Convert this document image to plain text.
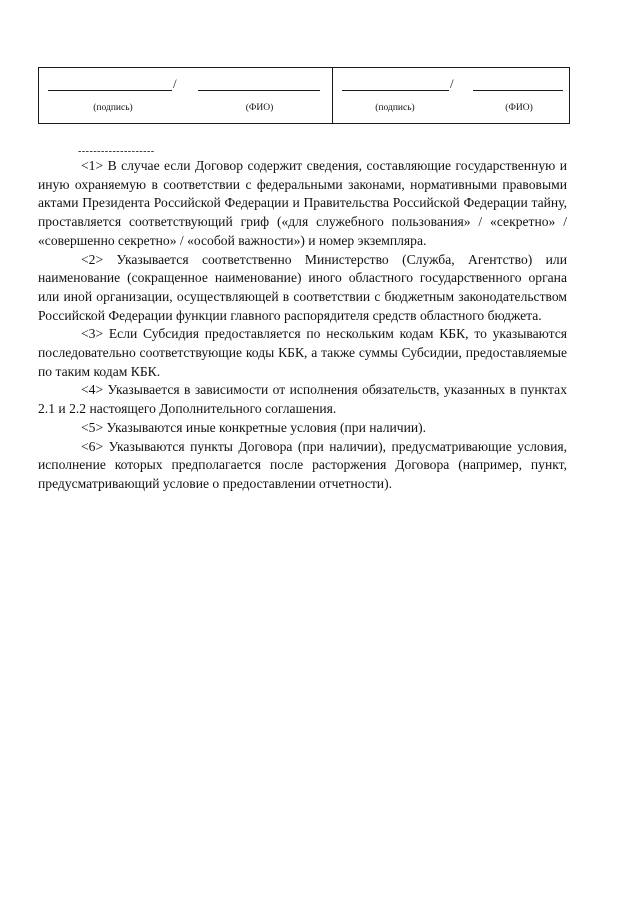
/
(подпись)	(ФИО)
/
(подпись)	(ФИО)
--------------------

<1> В случае если Договор содержит сведения, составляющие государственную и иную охраняемую в соответствии с федеральными законами, нормативными правовыми актами Президента Российской Федерации и Правительства Российской Федерации тайну, проставляется соответствующий гриф («для служебного пользования» / «секретно» / «совершенно секретно» / «особой важности») и номер экземпляра.

<2> Указывается соответственно Министерство (Служба, Агентство) или наименование (сокращенное наименование) иного областного государственного органа или иной организации, осуществляющей в соответствии с бюджетным законодательством Российской Федерации функции главного распорядителя средств областного бюджета.

<3> Если Субсидия предоставляется по нескольким кодам КБК, то указываются последовательно соответствующие коды КБК, а также суммы Субсидии, предоставляемые по таким кодам КБК.

<4> Указывается в зависимости от исполнения обязательств, указанных в пунктах 2.1 и 2.2 настоящего Дополнительного соглашения.

<5> Указываются иные конкретные условия (при наличии).

<6> Указываются пункты Договора (при наличии), предусматривающие условия, исполнение которых предполагается после расторжения Договора (например, пункт, предусматривающий условие о предоставлении отчетности).
